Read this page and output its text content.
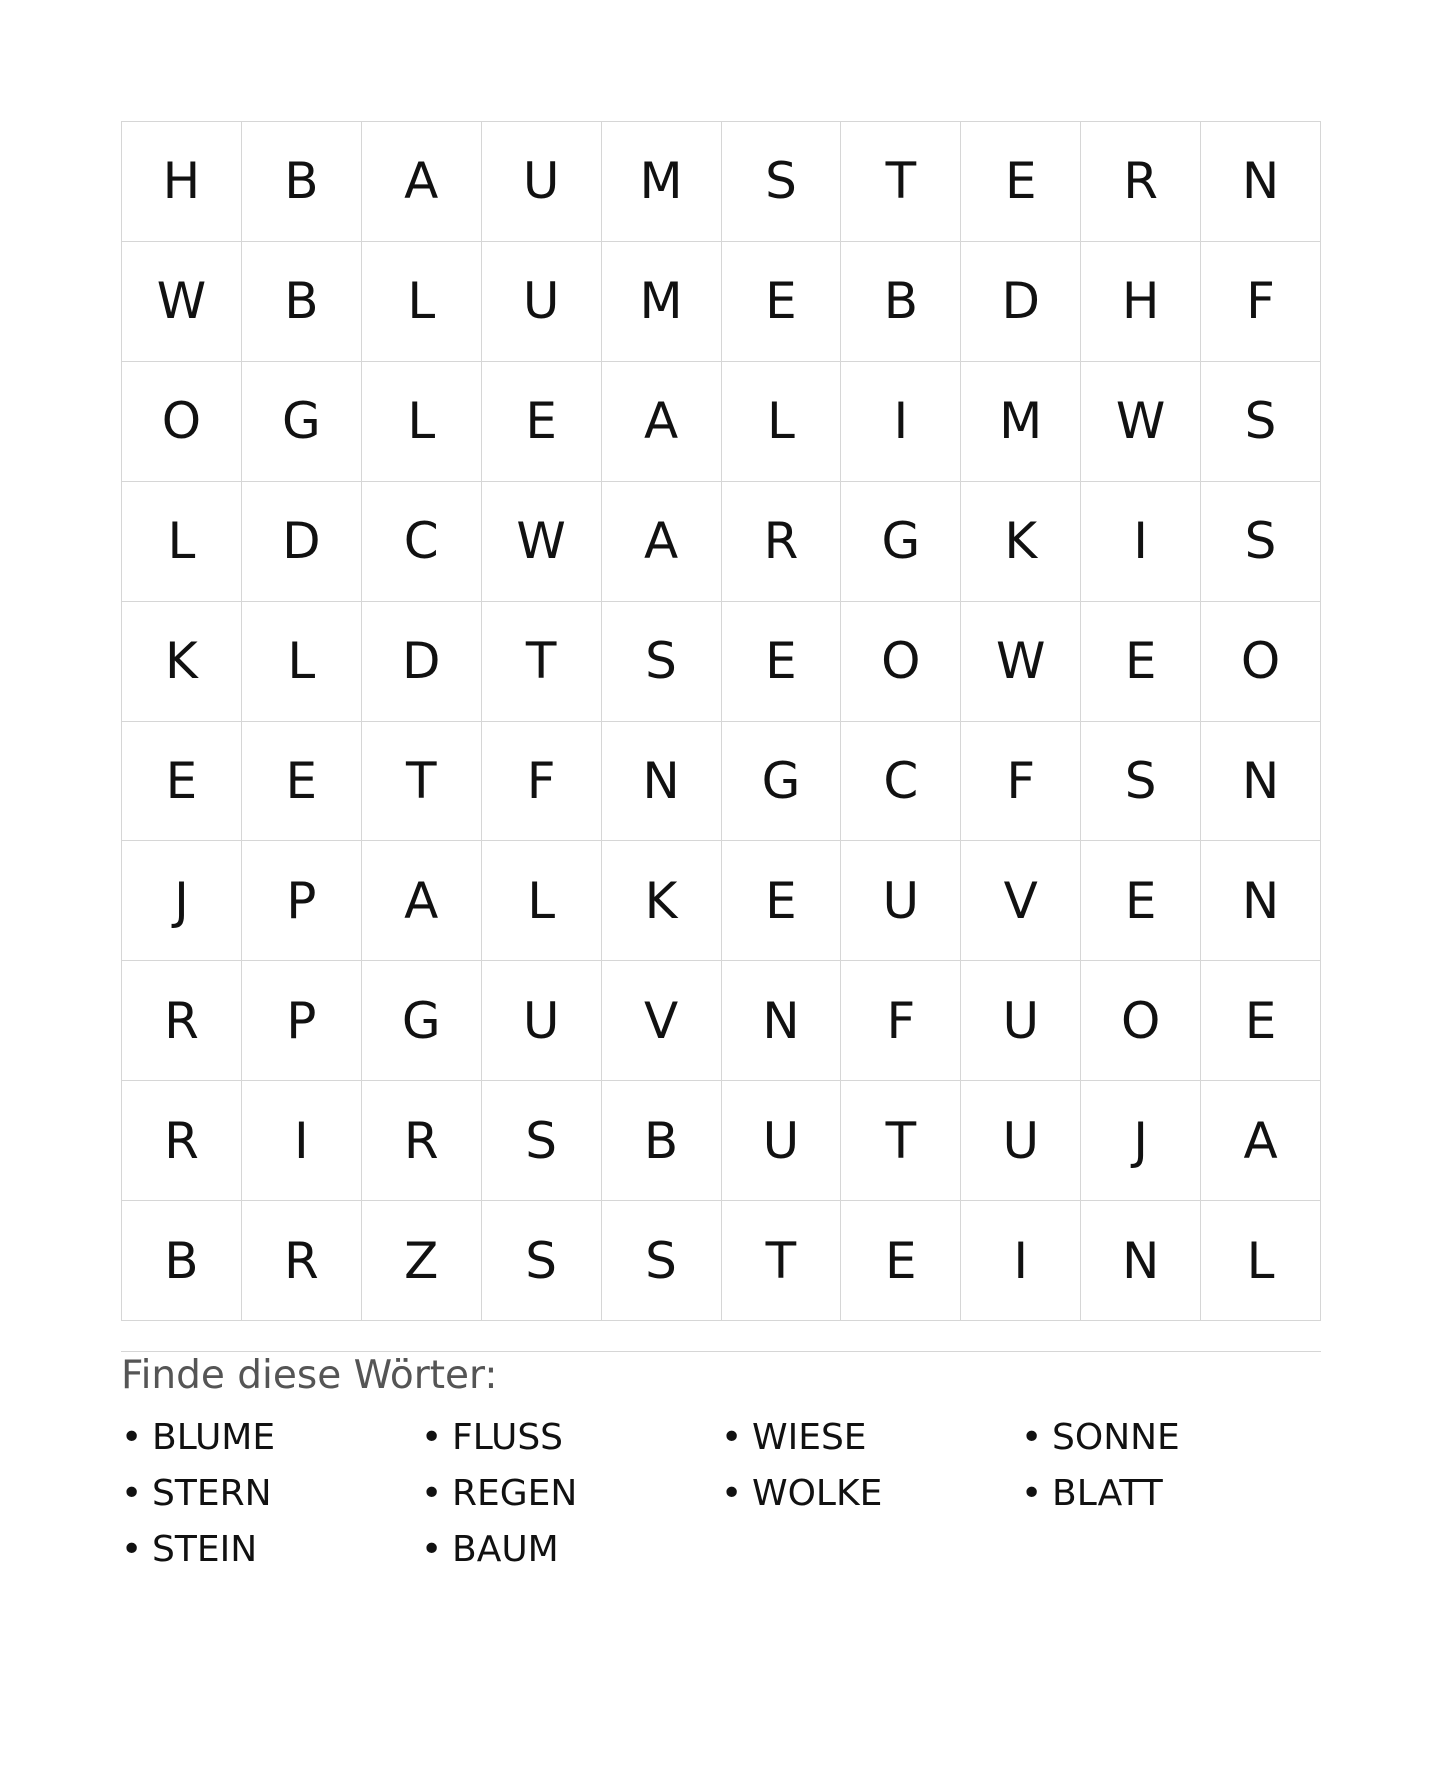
H	B	A	U	M	S	T	E	R	N
W	B	L	U	M	E	B	D	H	F
O	G	L	E	A	L	I	M	W	S
L	D	C	W	A	R	G	K	I	S
K	L	D	T	S	E	O	W	E	O
E	E	T	F	N	G	C	F	S	N
J	P	A	L	K	E	U	V	E	N
R	P	G	U	V	N	F	U	O	E
R	I	R	S	B	U	T	U	J	A
B	R	Z	S	S	T	E	I	N	L
Finde diese Wörter:
• BLUME	• FLUSS	• WIESE	• SONNE
• STERN	• REGEN	• WOLKE	• BLATT
• STEIN	• BAUM
